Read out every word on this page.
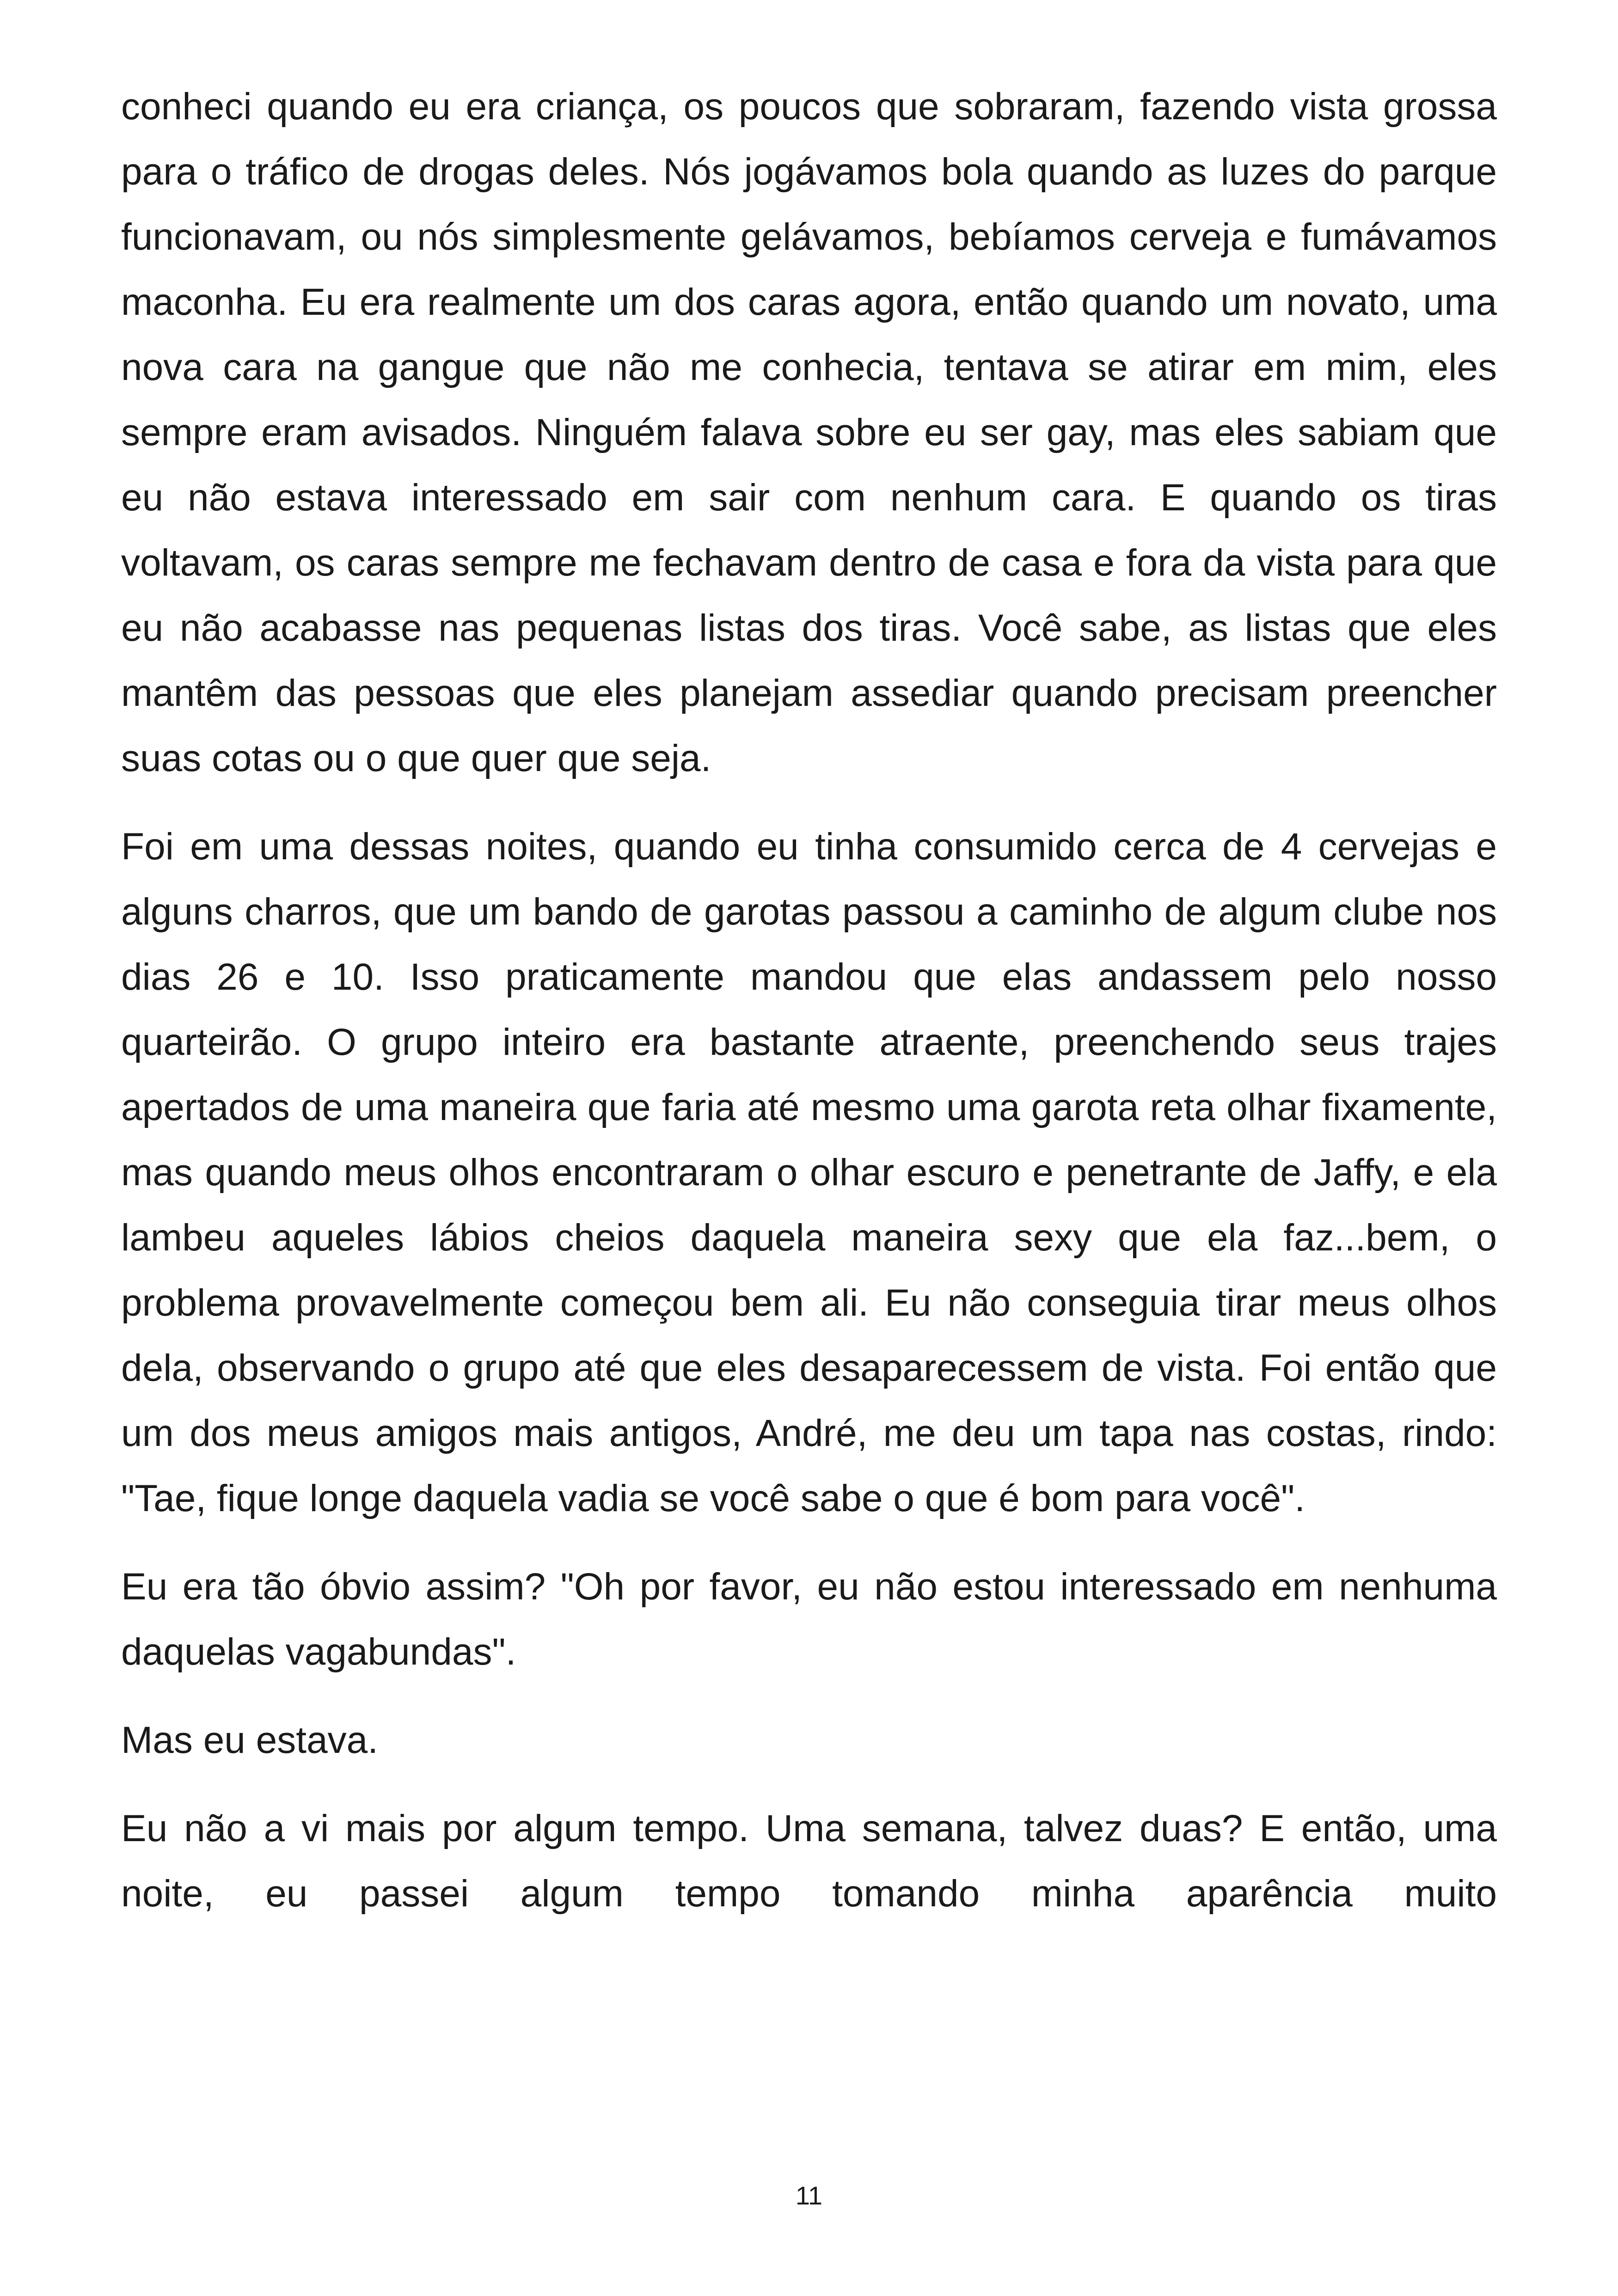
conheci quando eu era criança, os poucos que sobraram, fazendo vista grossa para o tráfico de drogas deles. Nós jogávamos bola quando as luzes do parque funcionavam, ou nós simplesmente gelávamos, bebíamos cerveja e fumávamos maconha. Eu era realmente um dos caras agora, então quando um novato, uma nova cara na gangue que não me conhecia, tentava se atirar em mim, eles sempre eram avisados. Ninguém falava sobre eu ser gay, mas eles sabiam que eu não estava interessado em sair com nenhum cara. E quando os tiras voltavam, os caras sempre me fechavam dentro de casa e fora da vista para que eu não acabasse nas pequenas listas dos tiras. Você sabe, as listas que eles mantêm das pessoas que eles planejam assediar quando precisam preencher suas cotas ou o que quer que seja.

Foi em uma dessas noites, quando eu tinha consumido cerca de 4 cervejas e alguns charros, que um bando de garotas passou a caminho de algum clube nos dias 26 e 10. Isso praticamente mandou que elas andassem pelo nosso quarteirão. O grupo inteiro era bastante atraente, preenchendo seus trajes apertados de uma maneira que faria até mesmo uma garota reta olhar fixamente, mas quando meus olhos encontraram o olhar escuro e penetrante de Jaffy, e ela lambeu aqueles lábios cheios daquela maneira sexy que ela faz...bem, o problema provavelmente começou bem ali. Eu não conseguia tirar meus olhos dela, observando o grupo até que eles desaparecessem de vista. Foi então que um dos meus amigos mais antigos, André, me deu um tapa nas costas, rindo: "Tae, fique longe daquela vadia se você sabe o que é bom para você".

Eu era tão óbvio assim? "Oh por favor, eu não estou interessado em nenhuma daquelas vagabundas".

Mas eu estava.

Eu não a vi mais por algum tempo. Uma semana, talvez duas? E então, uma noite, eu passei algum tempo tomando minha aparência muito

11
